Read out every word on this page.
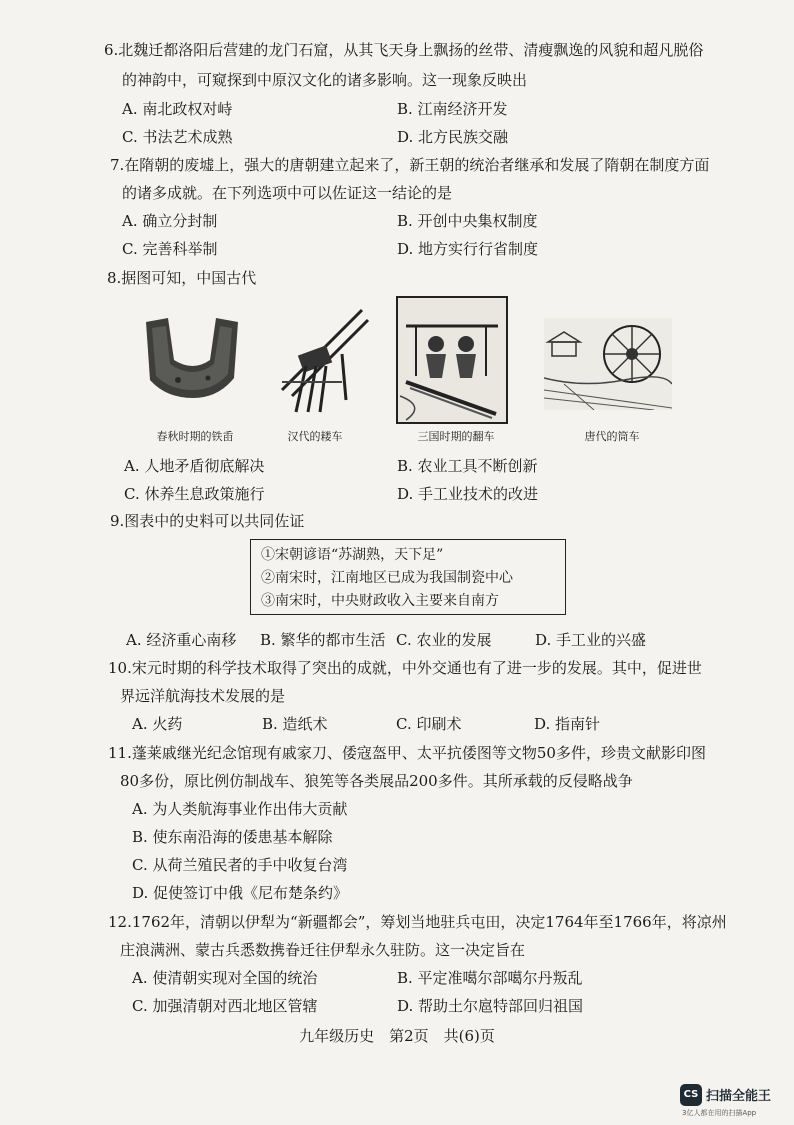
6.北魏迁都洛阳后营建的龙门石窟，从其飞天身上飘扬的丝带、清瘦飘逸的风貌和超凡脱俗
的神韵中，可窥探到中原汉文化的诸多影响。这一现象反映出
A. 南北政权对峙	B. 江南经济开发
C. 书法艺术成熟	D. 北方民族交融
7.在隋朝的废墟上，强大的唐朝建立起来了，新王朝的统治者继承和发展了隋朝在制度方面
的诸多成就。在下列选项中可以佐证这一结论的是
A. 确立分封制	B. 开创中央集权制度
C. 完善科举制	D. 地方实行行省制度
8.据图可知，中国古代
春秋时期的铁臿	汉代的耧车	三国时期的翻车	唐代的筒车
A. 人地矛盾彻底解决	B. 农业工具不断创新
C. 休养生息政策施行	D. 手工业技术的改进
9.图表中的史料可以共同佐证
①宋朝谚语“苏湖熟，天下足”
②南宋时，江南地区已成为我国制瓷中心
③南宋时，中央财政收入主要来自南方
A. 经济重心南移 B. 繁华的都市生活 C. 农业的发展	D. 手工业的兴盛
10.宋元时期的科学技术取得了突出的成就，中外交通也有了进一步的发展。其中，促进世
界远洋航海技术发展的是
A. 火药	B. 造纸术	C. 印刷术	D. 指南针
11.蓬莱戚继光纪念馆现有戚家刀、倭寇盔甲、太平抗倭图等文物50多件，珍贵文献影印图
80多份，原比例仿制战车、狼筅等各类展品200多件。其所承载的反侵略战争
A. 为人类航海事业作出伟大贡献
B. 使东南沿海的倭患基本解除
C. 从荷兰殖民者的手中收复台湾
D. 促使签订中俄《尼布楚条约》
12.1762年，清朝以伊犁为“新疆都会”，筹划当地驻兵屯田，决定1764年至1766年，将凉州
庄浪满洲、蒙古兵悉数携眷迁往伊犁永久驻防。这一决定旨在
A. 使清朝实现对全国的统治	B. 平定准噶尔部噶尔丹叛乱
C. 加强清朝对西北地区管辖	D. 帮助土尔扈特部回归祖国
九年级历史　第2页　共(6)页
CS 扫描全能王
3亿人都在用的扫描App
